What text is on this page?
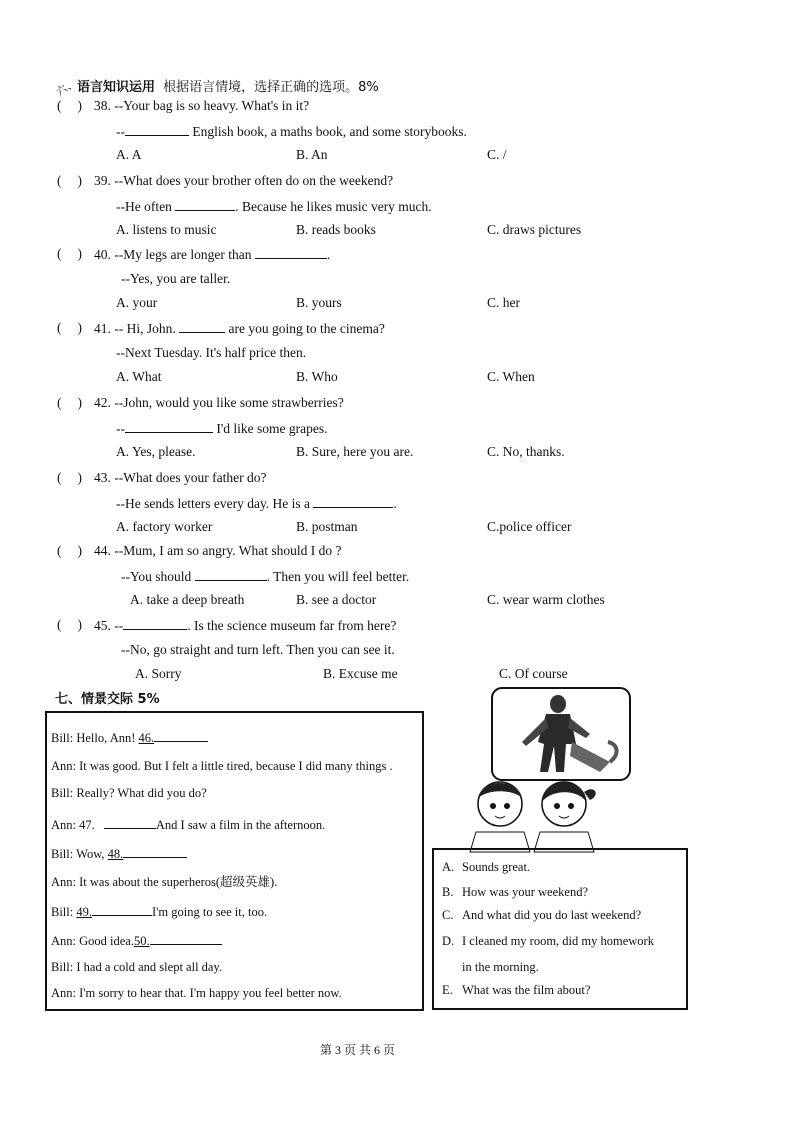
六、语言知识运用 根据语言情境，选择正确的选项。8%
( ) 38. --Your bag is so heavy. What's in it?
--	English book, a maths book, and some storybooks.
A. A	B. An	C. /
( ) 39. --What does your brother often do on the weekend?
--He often	. Because he likes music very much.
A. listens to music	B. reads books	C. draws pictures
( ) 40. --My legs are longer than	.
--Yes, you are taller.
A. your	B. yours	C. her
( ) 41. -- Hi, John.	are you going to the cinema?
--Next Tuesday. It's half price then.
A. What	B. Who	C. When
( ) 42. --John, would you like some strawberries?
--	I'd like some grapes.
A. Yes, please.	B. Sure, here you are.	C. No, thanks.
( ) 43. --What does your father do?
--He sends letters every day. He is a	.
A. factory worker	B. postman	C.police officer
( ) 44. --Mum, I am so angry. What should I do ?
--You should	. Then you will feel better.
A. take a deep breath	B. see a doctor	C. wear warm clothes
( ) 45. --	. Is the science museum far from here?
--No, go straight and turn left. Then you can see it.
A. Sorry	B. Excuse me	C. Of course
七、情景交际 5%
Bill: Hello, Ann! 46.
Ann: It was good. But I felt a little tired, because I did many things .
Bill: Really? What did you do?
Ann: 47.	And I saw a film in the afternoon.
Bill: Wow, 48.
Ann: It was about the superheros(超级英雄).
Bill: 49.	I'm going to see it, too.
Ann: Good idea.50.
Bill: I had a cold and slept all day.
Ann: I'm sorry to hear that. I'm happy you feel better now.
A. Sounds great.
B. How was your weekend?
C. And what did you do last weekend?
D. I cleaned my room, did my homework
in the morning.
E. What was the film about?
第 3 页 共 6 页
